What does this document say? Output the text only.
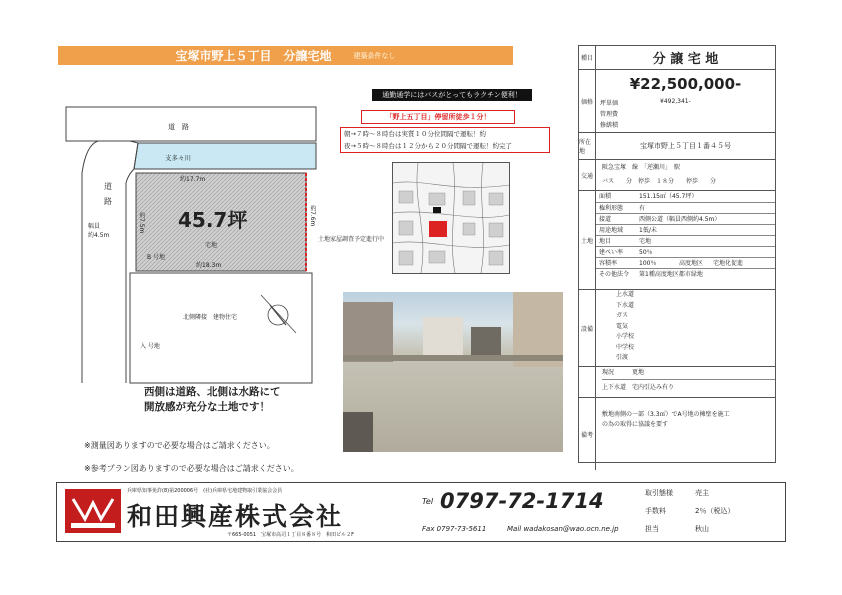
宝塚市野上５丁目　分譲宅地	建築条件なし
道　路
支多々川
道
路
幅員
約4.5m
約17.7m
45.7坪
宅地
約18.3m
約7.5m	約7.6m
B 号地
土地家屋調査予定進行中
北側隣接　建物住宅
入 号地
通勤通学にはバスがとってもラクチン便利！
「野上五丁目」停留所徒歩１分！
朝→７時～８時台は実質１０分位間隔で運転！約
夜→５時～８時台は１２分から２０分間隔で運転！約完了
西側は道路、北側は水路にて
開放感が充分な土地です！
※測量図ありますので必要な場合はご請求ください。
※参考プラン図ありますので必要な場合はご請求ください。
種目	分 譲 宅 地
価格
¥22,500,000-
坪単価	¥492,341-
管理費
修繕積
所在地
宝塚市野上５丁目１番４５号
交通
阪急宝塚　線　「逆瀬川」　駅
バス　　分　停歩　１８分　　停歩　　分
土地
面積	151.15㎡（45.7坪）
権利形態	有
接道	西側公道（幅員西側約4.5m）
用途地域	1低/未
地目	宅地
建ぺい率	50％
容積率	100％	高度地区	宅地化促進
その他法令	第1種高度地区都市緑地
設備
上水道
下水道
ガス
電気
小学校
中学校
引渡
現況	更地
上下水道　宅内引込み有り
備考
敷地南側の一部（3.3㎡）でA号地の擁壁を施工
の為の取得に協議を要す
兵庫県知事免許(8)第200006号　(社)兵庫県宅地建物取引業協会会員
和田興産株式会社
〒665-0051　宝塚市高司１丁目８番８号　和田ビル２F
Tel 0797-72-1714
Fax 0797-73-5611	Mail wadakosan@wao.ocn.ne.jp
取引態様	売主
手数料	2％（税込）
担当	秋山
